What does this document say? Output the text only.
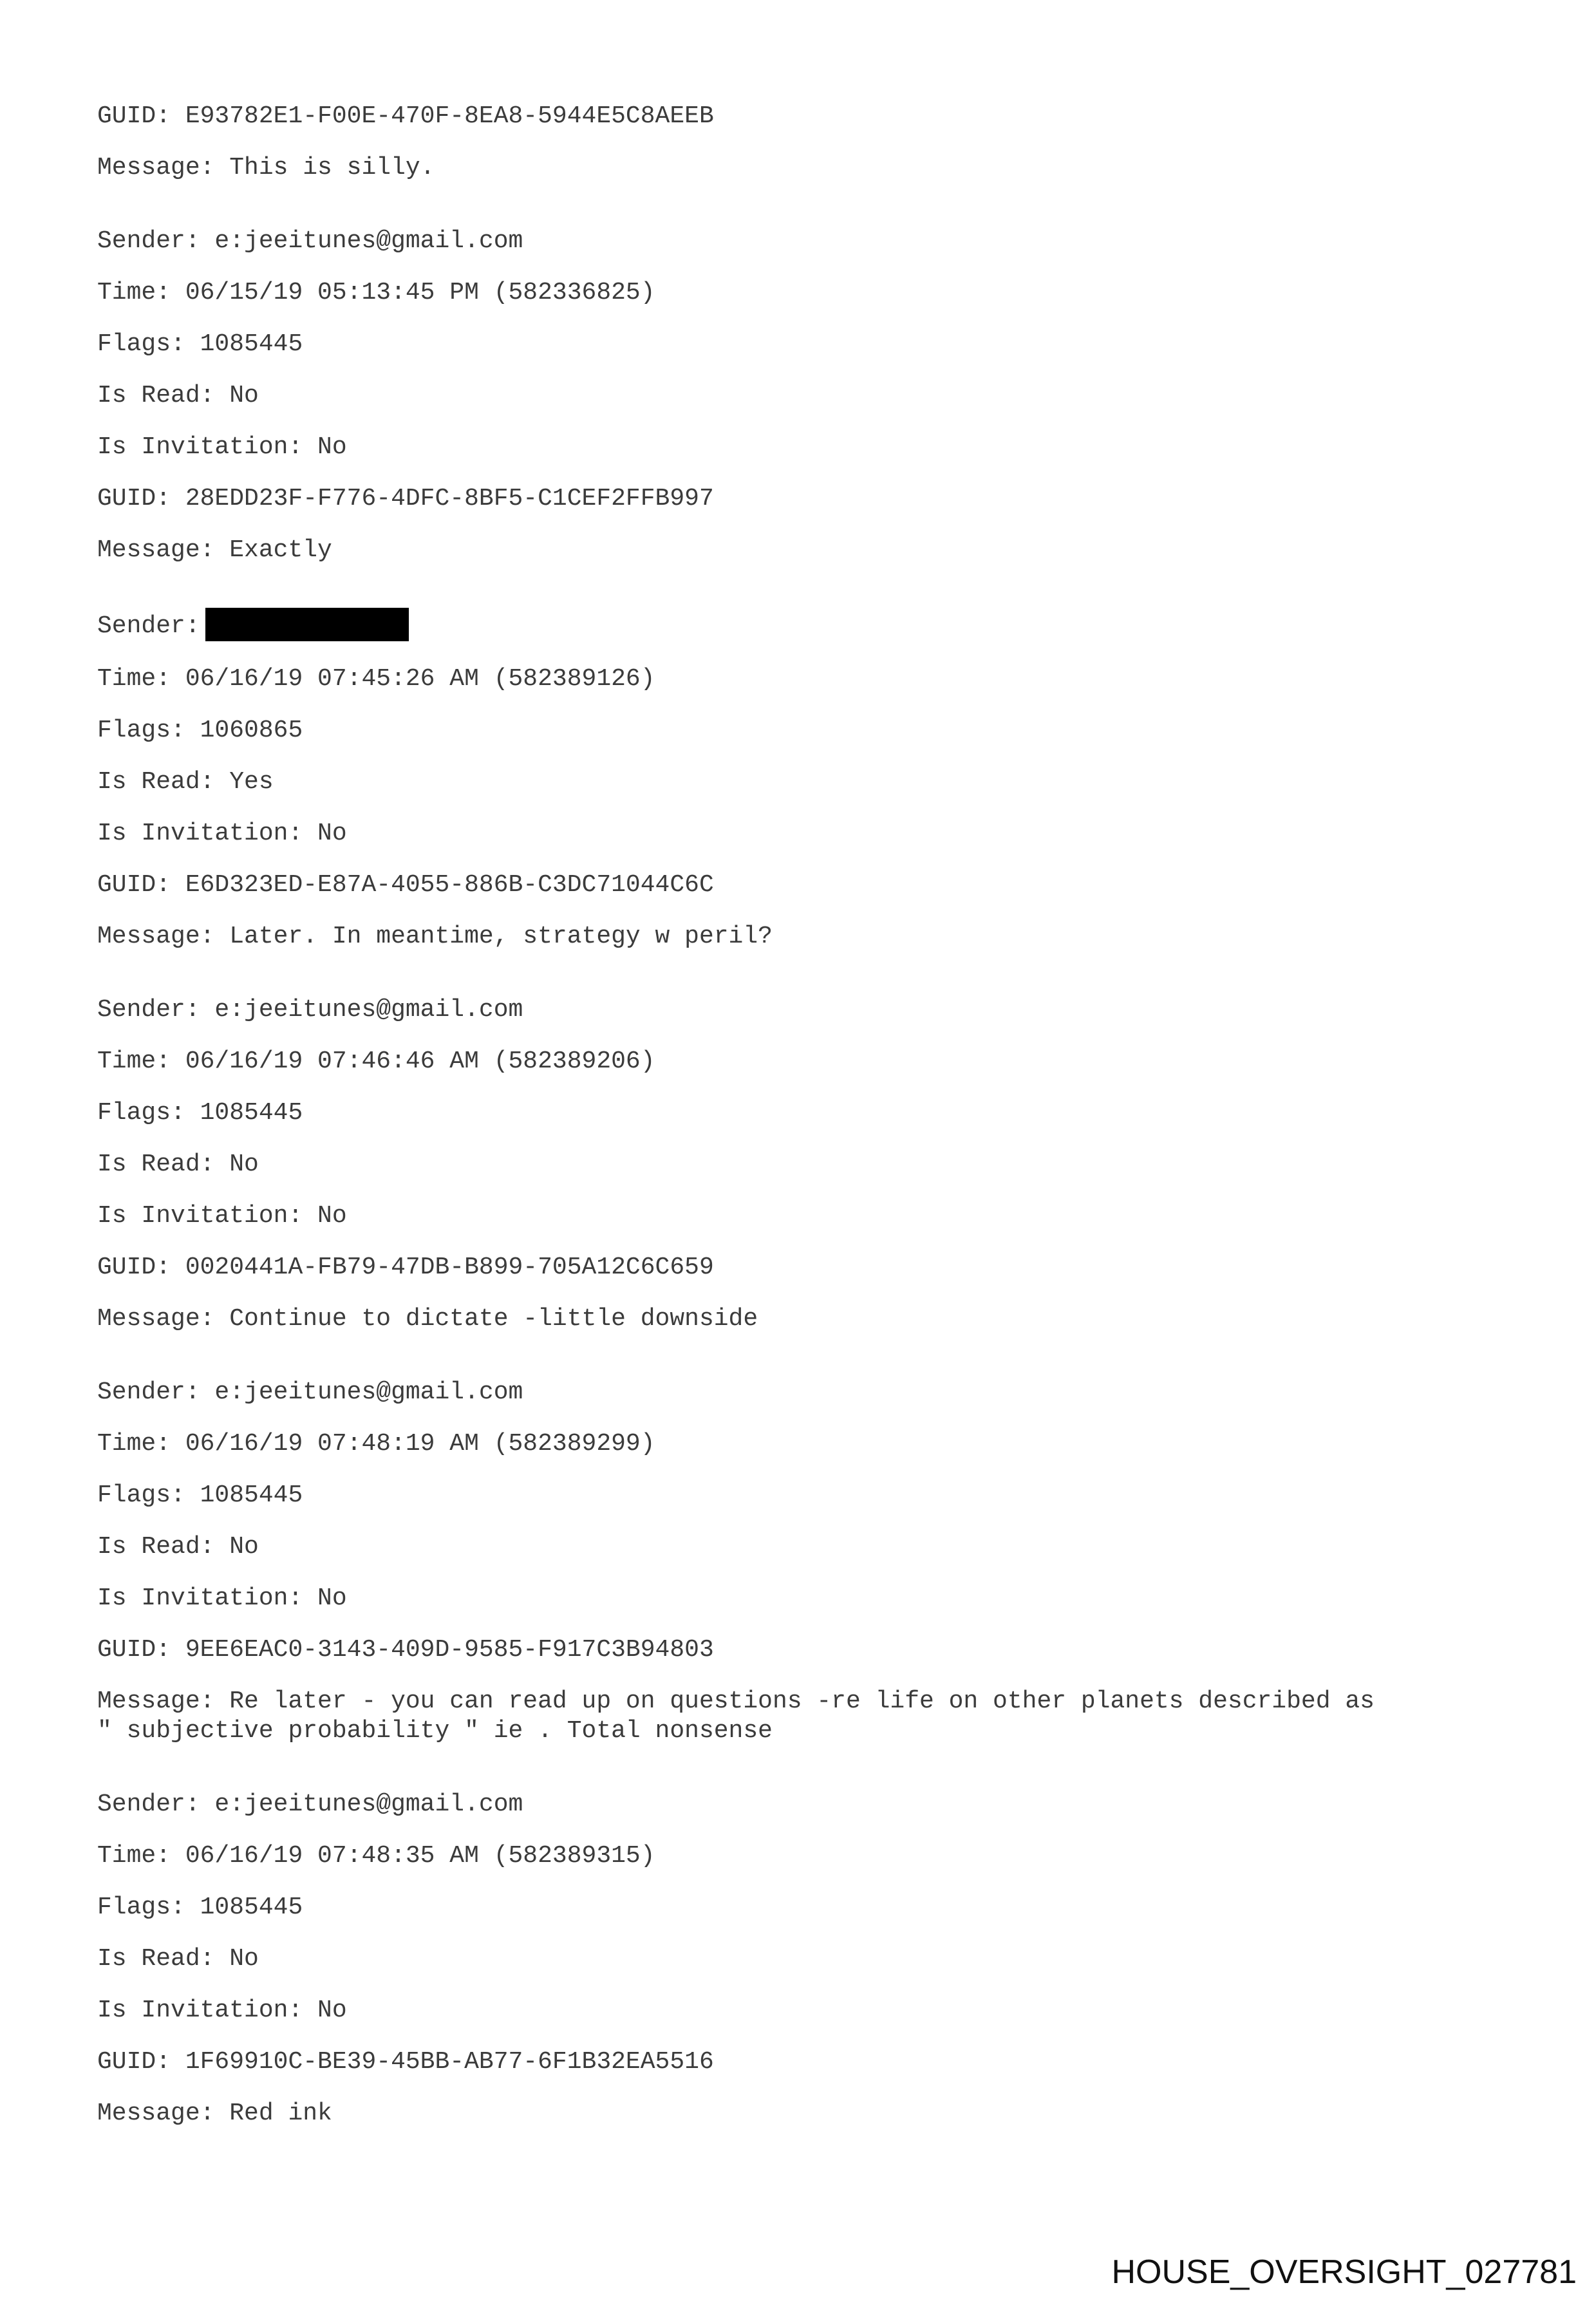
GUID: E93782E1-F00E-470F-8EA8-5944E5C8AEEB

Message: This is silly.

Sender: e:jeeitunes@gmail.com

Time: 06/15/19 05:13:45 PM (582336825)

Flags: 1085445

Is Read: No

Is Invitation: No

GUID: 28EDD23F-F776-4DFC-8BF5-C1CEF2FFB997

Message: Exactly

Sender:

Time: 06/16/19 07:45:26 AM (582389126)

Flags: 1060865

Is Read: Yes

Is Invitation: No

GUID: E6D323ED-E87A-4055-886B-C3DC71044C6C

Message: Later. In meantime, strategy w peril?

Sender: e:jeeitunes@gmail.com

Time: 06/16/19 07:46:46 AM (582389206)

Flags: 1085445

Is Read: No

Is Invitation: No

GUID: 0020441A-FB79-47DB-B899-705A12C6C659

Message: Continue to dictate -little downside

Sender: e:jeeitunes@gmail.com

Time: 06/16/19 07:48:19 AM (582389299)

Flags: 1085445

Is Read: No

Is Invitation: No

GUID: 9EE6EAC0-3143-409D-9585-F917C3B94803

Message: Re later - you can read up on questions -re life on other planets described as

" subjective probability " ie . Total nonsense

Sender: e:jeeitunes@gmail.com

Time: 06/16/19 07:48:35 AM (582389315)

Flags: 1085445

Is Read: No

Is Invitation: No

GUID: 1F69910C-BE39-45BB-AB77-6F1B32EA5516

Message: Red ink

HOUSE_OVERSIGHT_027781
